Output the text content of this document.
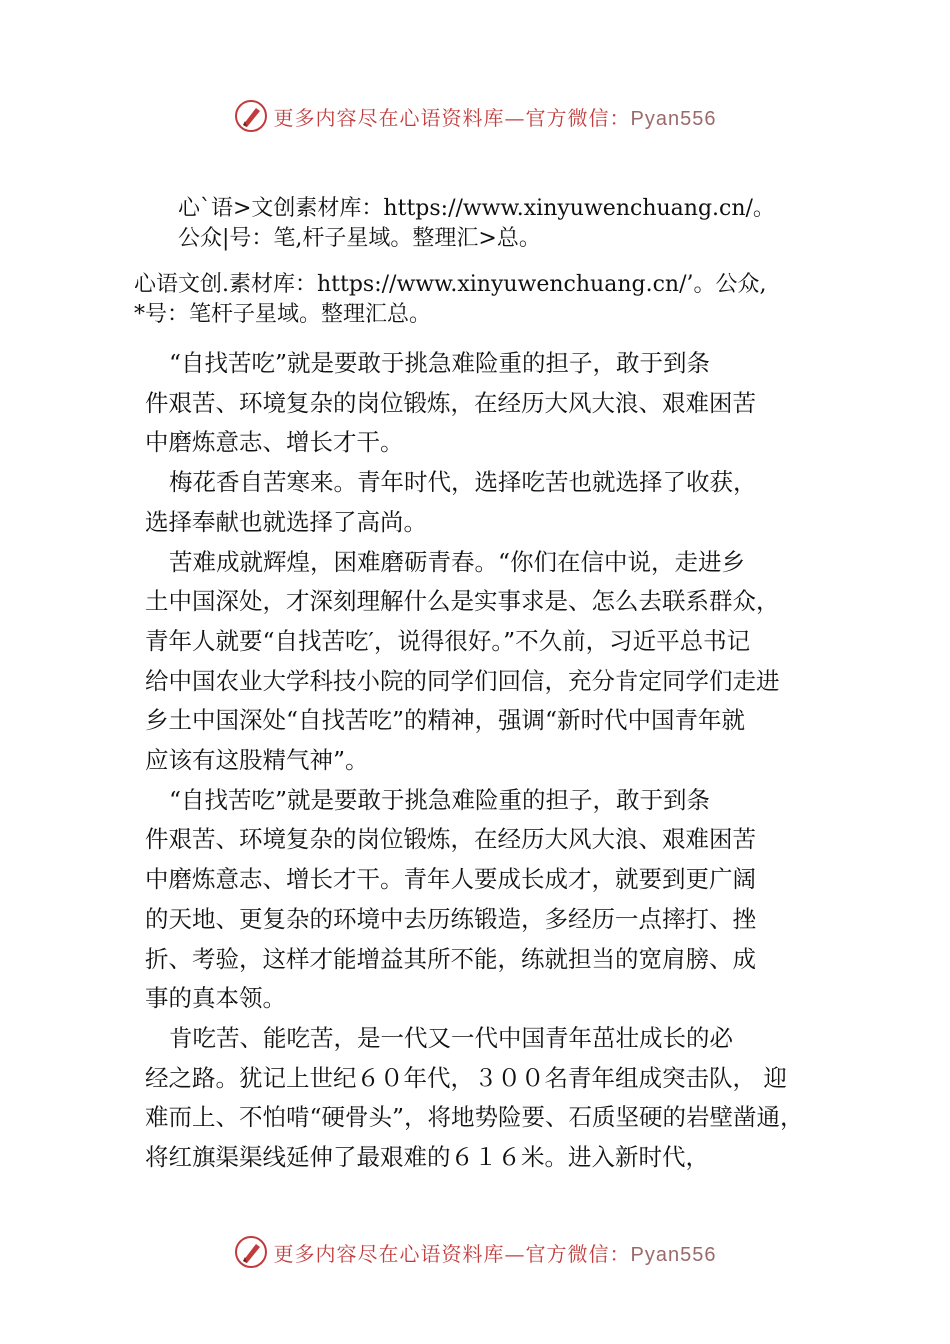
更多内容尽在心语资料库—官方微信：Pyan556
心`语>文创素材库：https://www.xinyuwenchuang.cn/。
公众|号：笔,杆子星域。整理汇>总。
心语文创.素材库：https://www.xinyuwenchuang.cn/’。公众,
*号：笔杆子星域。整理汇总。

“自找苦吃”就是要敢于挑急难险重的担子，敢于到条
件艰苦、环境复杂的岗位锻炼，在经历大风大浪、艰难困苦
中磨炼意志、增长才干。

梅花香自苦寒来。青年时代，选择吃苦也就选择了收获，
选择奉献也就选择了高尚。

苦难成就辉煌，困难磨砺青春。“你们在信中说，走进乡
土中国深处，才深刻理解什么是实事求是、怎么去联系群众，
青年人就要“自找苦吃′，说得很好。”不久前，习近平总书记
给中国农业大学科技小院的同学们回信，充分肯定同学们走进
乡土中国深处“自找苦吃”的精神，强调“新时代中国青年就
应该有这股精气神”。

“自找苦吃”就是要敢于挑急难险重的担子，敢于到条
件艰苦、环境复杂的岗位锻炼，在经历大风大浪、艰难困苦
中磨炼意志、增长才干。青年人要成长成才，就要到更广阔
的天地、更复杂的环境中去历练锻造，多经历一点摔打、挫
折、考验，这样才能增益其所不能，练就担当的宽肩膀、成
事的真本领。

肯吃苦、能吃苦，是一代又一代中国青年茁壮成长的必
经之路。犹记上世纪６０年代，３００名青年组成突击队， 迎
难而上、不怕啃“硬骨头”，将地势险要、石质坚硬的岩壁凿通，
将红旗渠渠线延伸了最艰难的６１６米。进入新时代，

更多内容尽在心语资料库—官方微信：Pyan556
